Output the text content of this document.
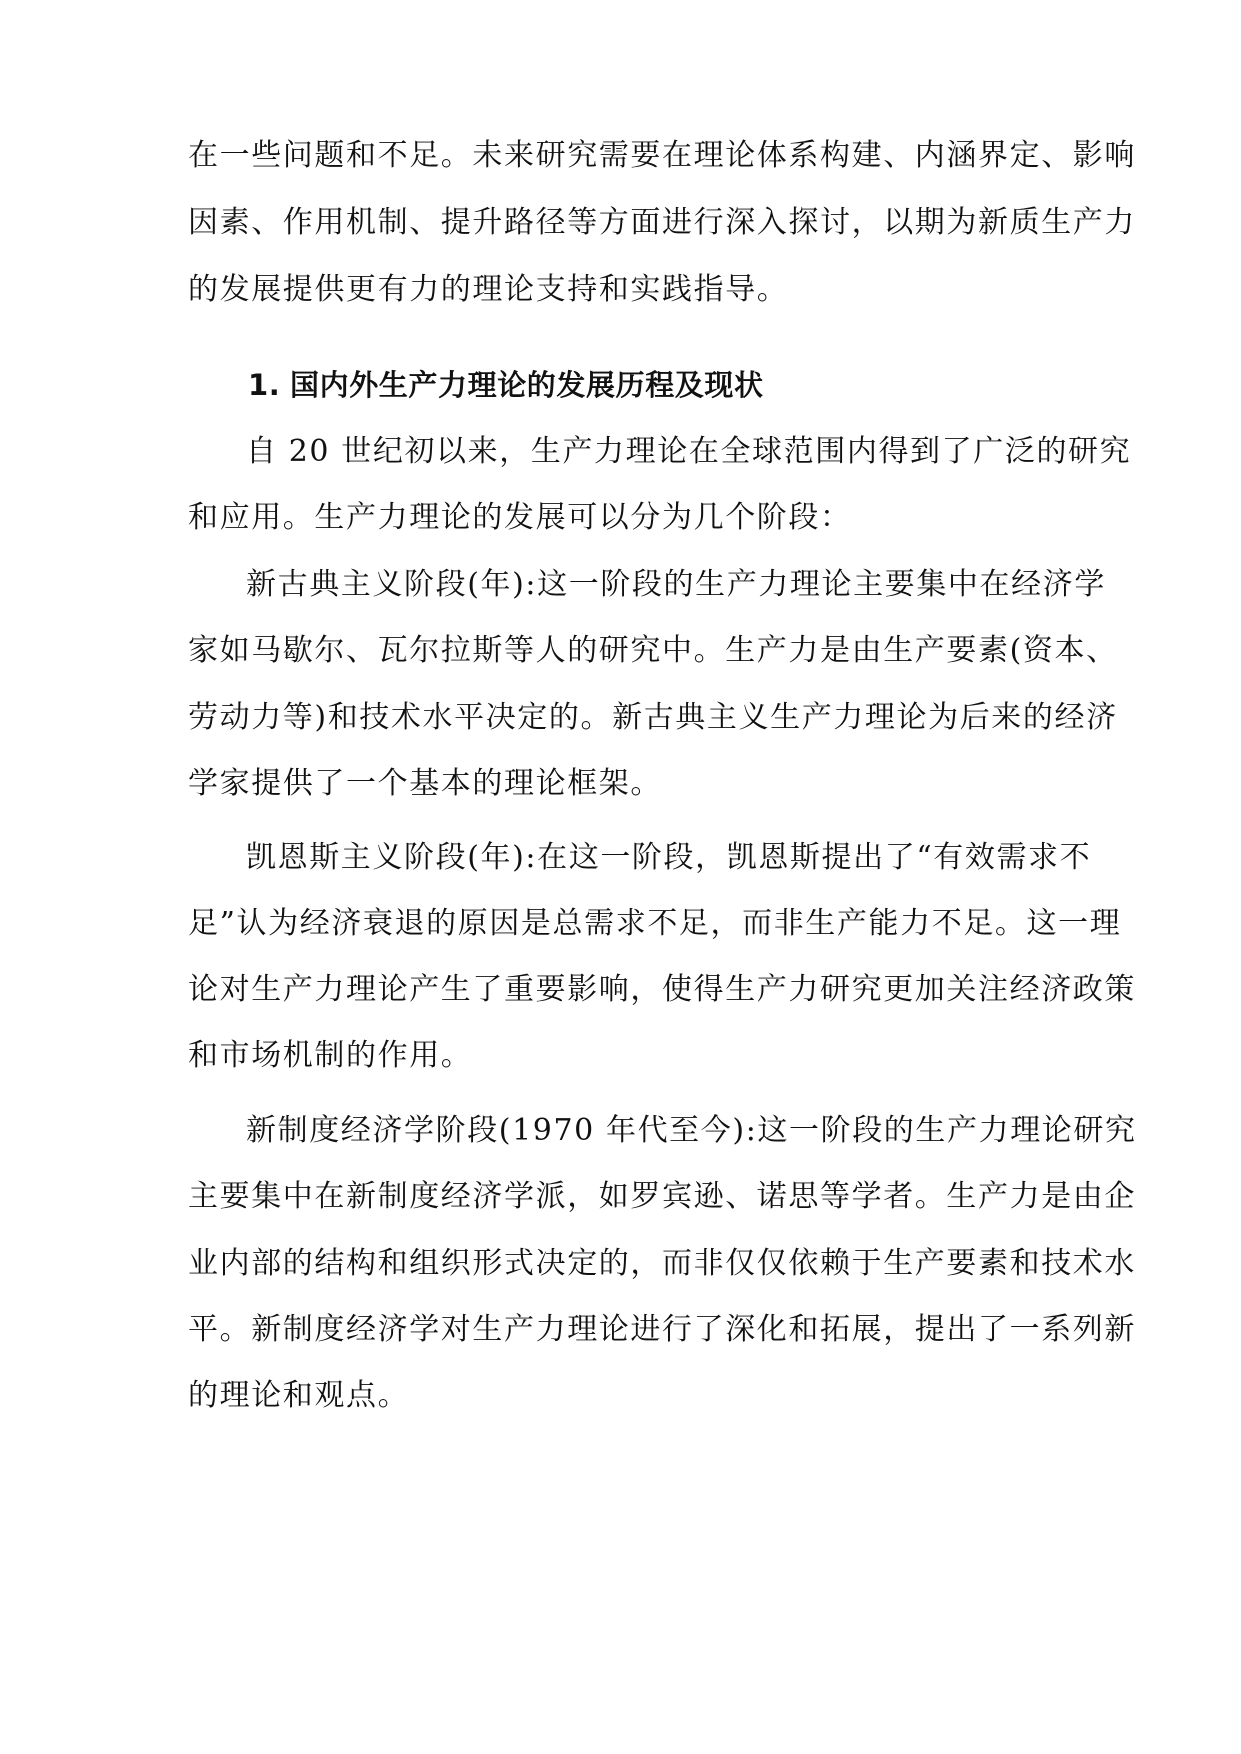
在一些问题和不足。未来研究需要在理论体系构建、内涵界定、影响
因素、作用机制、提升路径等方面进行深入探讨，以期为新质生产力
的发展提供更有力的理论支持和实践指导。
1. 国内外生产力理论的发展历程及现状
自 20 世纪初以来，生产力理论在全球范围内得到了广泛的研究
和应用。生产力理论的发展可以分为几个阶段：
新古典主义阶段(年):这一阶段的生产力理论主要集中在经济学
家如马歇尔、瓦尔拉斯等人的研究中。生产力是由生产要素(资本、
劳动力等)和技术水平决定的。新古典主义生产力理论为后来的经济
学家提供了一个基本的理论框架。
凯恩斯主义阶段(年):在这一阶段，凯恩斯提出了“有效需求不
足”认为经济衰退的原因是总需求不足，而非生产能力不足。这一理
论对生产力理论产生了重要影响，使得生产力研究更加关注经济政策
和市场机制的作用。
新制度经济学阶段(1970 年代至今):这一阶段的生产力理论研究
主要集中在新制度经济学派，如罗宾逊、诺思等学者。生产力是由企
业内部的结构和组织形式决定的，而非仅仅依赖于生产要素和技术水
平。新制度经济学对生产力理论进行了深化和拓展，提出了一系列新
的理论和观点。
